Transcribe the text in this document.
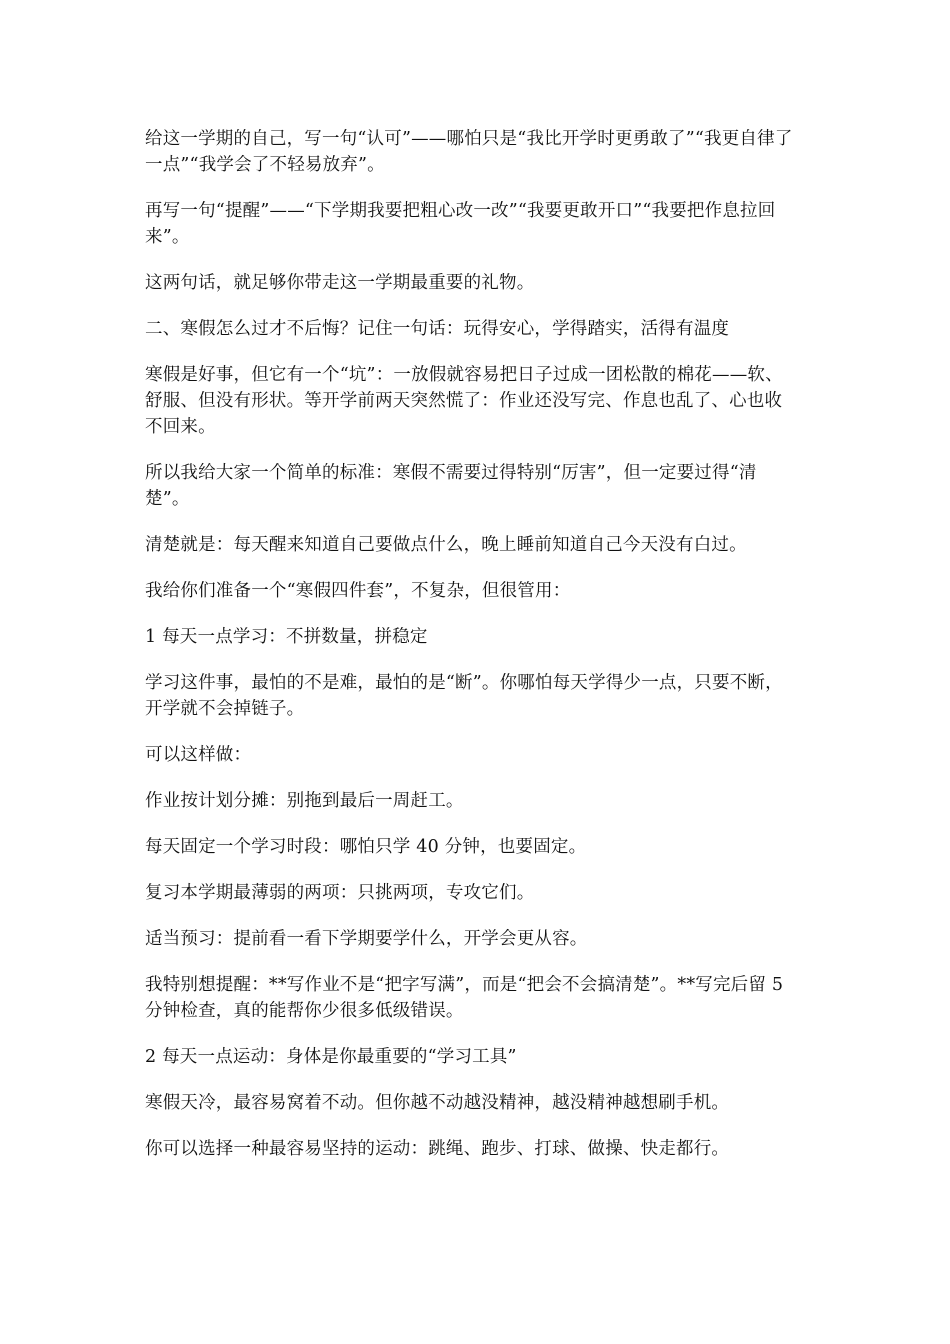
给这一学期的自己，写一句“认可”——哪怕只是“我比开学时更勇敢了”“我更自律了一点”“我学会了不轻易放弃”。

再写一句“提醒”——“下学期我要把粗心改一改”“我要更敢开口”“我要把作息拉回来”。

这两句话，就足够你带走这一学期最重要的礼物。

二、寒假怎么过才不后悔？记住一句话：玩得安心，学得踏实，活得有温度

寒假是好事，但它有一个“坑”：一放假就容易把日子过成一团松散的棉花——软、舒服、但没有形状。等开学前两天突然慌了：作业还没写完、作息也乱了、心也收不回来。

所以我给大家一个简单的标准：寒假不需要过得特别“厉害”，但一定要过得“清楚”。

清楚就是：每天醒来知道自己要做点什么，晚上睡前知道自己今天没有白过。

我给你们准备一个“寒假四件套”，不复杂，但很管用：

1 每天一点学习：不拼数量，拼稳定

学习这件事，最怕的不是难，最怕的是“断”。你哪怕每天学得少一点，只要不断，开学就不会掉链子。

可以这样做：

作业按计划分摊：别拖到最后一周赶工。

每天固定一个学习时段：哪怕只学 40 分钟，也要固定。

复习本学期最薄弱的两项：只挑两项，专攻它们。

适当预习：提前看一看下学期要学什么，开学会更从容。

我特别想提醒：**写作业不是“把字写满”，而是“把会不会搞清楚”。**写完后留 5 分钟检查，真的能帮你少很多低级错误。

2 每天一点运动：身体是你最重要的“学习工具”

寒假天冷，最容易窝着不动。但你越不动越没精神，越没精神越想刷手机。

你可以选择一种最容易坚持的运动：跳绳、跑步、打球、做操、快走都行。
